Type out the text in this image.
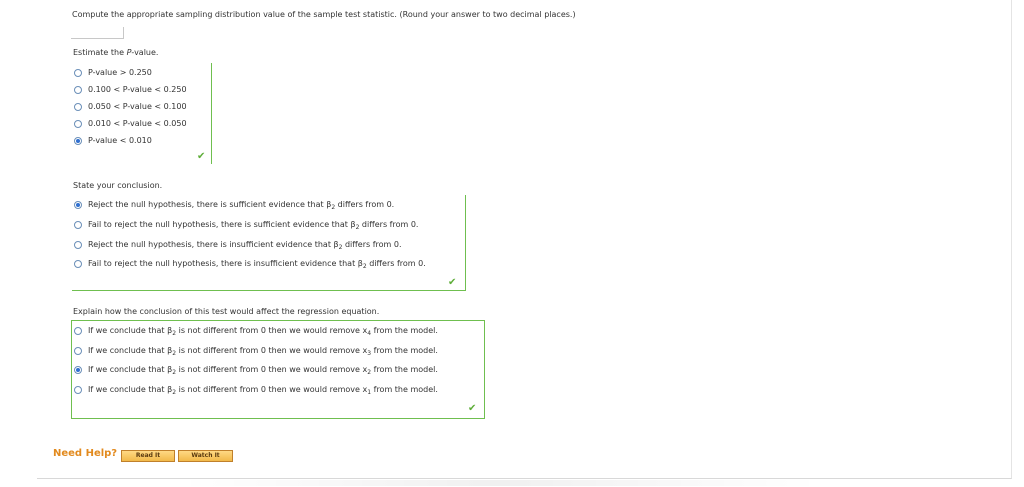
Compute the appropriate sampling distribution value of the sample test statistic. (Round your answer to two decimal places.)
Estimate the P-value.
P-value > 0.250
0.100 < P-value < 0.250
0.050 < P-value < 0.100
0.010 < P-value < 0.050
P-value < 0.010
✔
State your conclusion.
Reject the null hypothesis, there is sufficient evidence that $\beta_2$ differs from 0.
Fail to reject the null hypothesis, there is sufficient evidence that $\beta_2$ differs from 0.
Reject the null hypothesis, there is insufficient evidence that $\beta_2$ differs from 0.
Fail to reject the null hypothesis, there is insufficient evidence that $\beta_2$ differs from 0.
✔
Explain how the conclusion of this test would affect the regression equation.
If we conclude that $\beta_2$ is not different from 0 then we would remove $x_4$ from the model.
If we conclude that $\beta_2$ is not different from 0 then we would remove $x_3$ from the model.
If we conclude that $\beta_2$ is not different from 0 then we would remove $x_2$ from the model.
If we conclude that $\beta_2$ is not different from 0 then we would remove $x_1$ from the model.
✔
Need Help?	Read It	Watch It
